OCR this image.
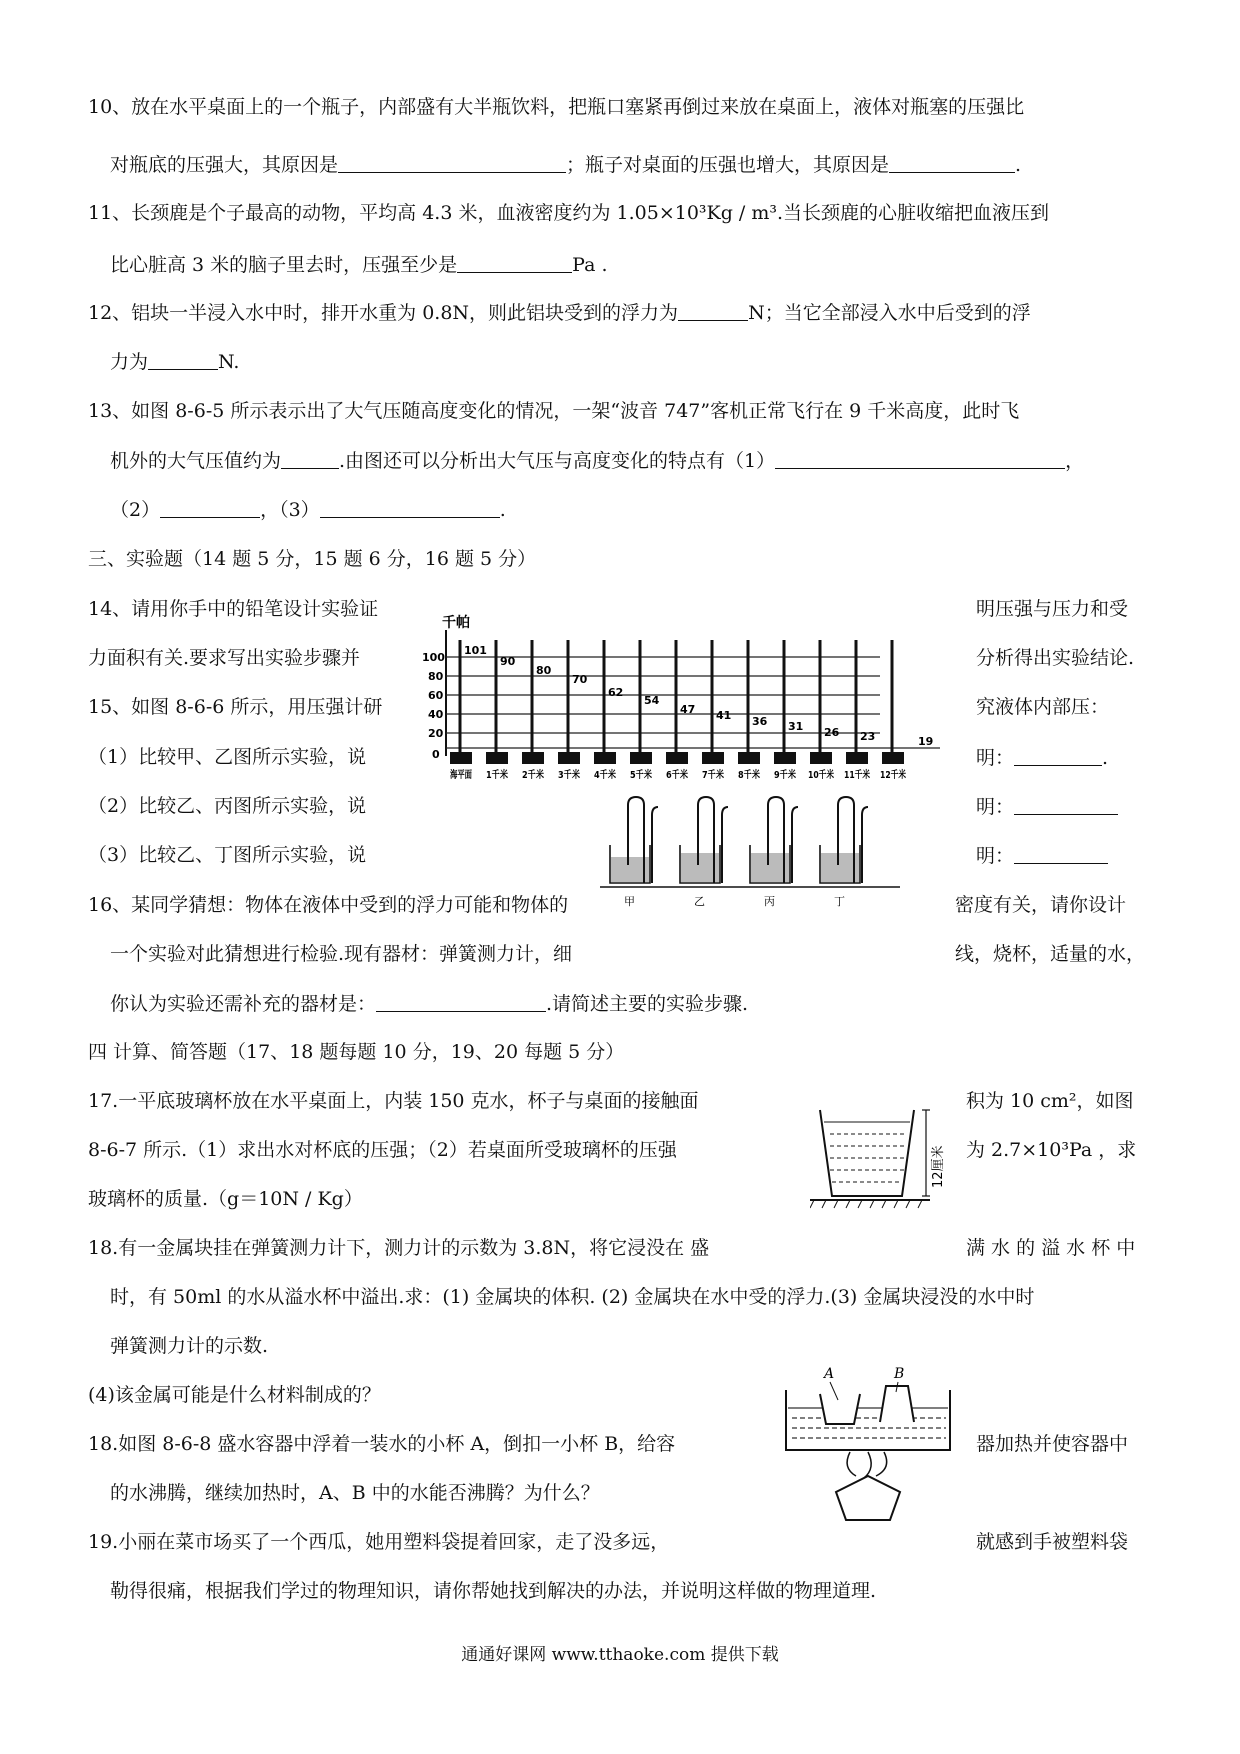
10、放在水平桌面上的一个瓶子，内部盛有大半瓶饮料，把瓶口塞紧再倒过来放在桌面上，液体对瓶塞的压强比
对瓶底的压强大，其原因是	；瓶子对桌面的压强也增大，其原因是	.
11、长颈鹿是个子最高的动物，平均高 4.3 米，血液密度约为 1.05×10³Kg / m³.当长颈鹿的心脏收缩把血液压到
比心脏高 3 米的脑子里去时，压强至少是	Pa .
12、铝块一半浸入水中时，排开水重为 0.8N，则此铝块受到的浮力为	N；当它全部浸入水中后受到的浮
力为	N.
13、如图 8-6-5 所示表示出了大气压随高度变化的情况，一架“波音 747”客机正常飞行在 9 千米高度，此时飞
机外的大气压值约为	.由图还可以分析出大气压与高度变化的特点有（1）	，
（2）	，（3）	.
三、实验题（14 题 5 分，15 题 6 分，16 题 5 分）
14、请用你手中的铅笔设计实验证	明压强与压力和受
力面积有关.要求写出实验步骤并	分析得出实验结论.
15、如图 8-6-6 所示，用压强计研	究液体内部压：
（1）比较甲、乙图所示实验，说	明：	.
（2）比较乙、丙图所示实验，说	明：
（3）比较乙、丁图所示实验，说	明：
16、某同学猜想：物体在液体中受到的浮力可能和物体的	密度有关，请你设计
一个实验对此猜想进行检验.现有器材：弹簧测力计，细	线，烧杯，适量的水，
你认为实验还需补充的器材是：	.请简述主要的实验步骤.
四 计算、简答题（17、18 题每题 10 分，19、20 每题 5 分）
17.一平底玻璃杯放在水平桌面上，内装 150 克水，杯子与桌面的接触面	积为 10 cm²，如图
8-6-7 所示.（1）求出水对杯底的压强；（2）若桌面所受玻璃杯的压强	为 2.7×10³Pa ，求
玻璃杯的质量.（g＝10N / Kg）
18.有一金属块挂在弹簧测力计下，测力计的示数为 3.8N，将它浸没在 盛	满 水 的 溢 水 杯 中
时，有 50ml 的水从溢水杯中溢出.求：(1) 金属块的体积. (2) 金属块在水中受的浮力.(3) 金属块浸没的水中时
弹簧测力计的示数.
(4)该金属可能是什么材料制成的？
18.如图 8-6-8 盛水容器中浮着一装水的小杯 A，倒扣一小杯 B，给容	器加热并使容器中
的水沸腾，继续加热时，A、B 中的水能否沸腾？为什么？
19.小丽在菜市场买了一个西瓜，她用塑料袋提着回家，走了没多远，	就感到手被塑料袋
勒得很痛，根据我们学过的物理知识，请你帮她找到解决的办法，并说明这样做的物理道理.
通通好课网 www.tthaoke.com 提供下载
千帕
100
80
60
40
20
0
101
90
80
70
62
54
47 41 36 31 26 23	19
海平面 1千米 2千米 3千米 4千米 5千米 6千米 7千米 8千米 9千米 10千米 11千米 12千米
甲	乙	丙	丁
12厘米
A	B
